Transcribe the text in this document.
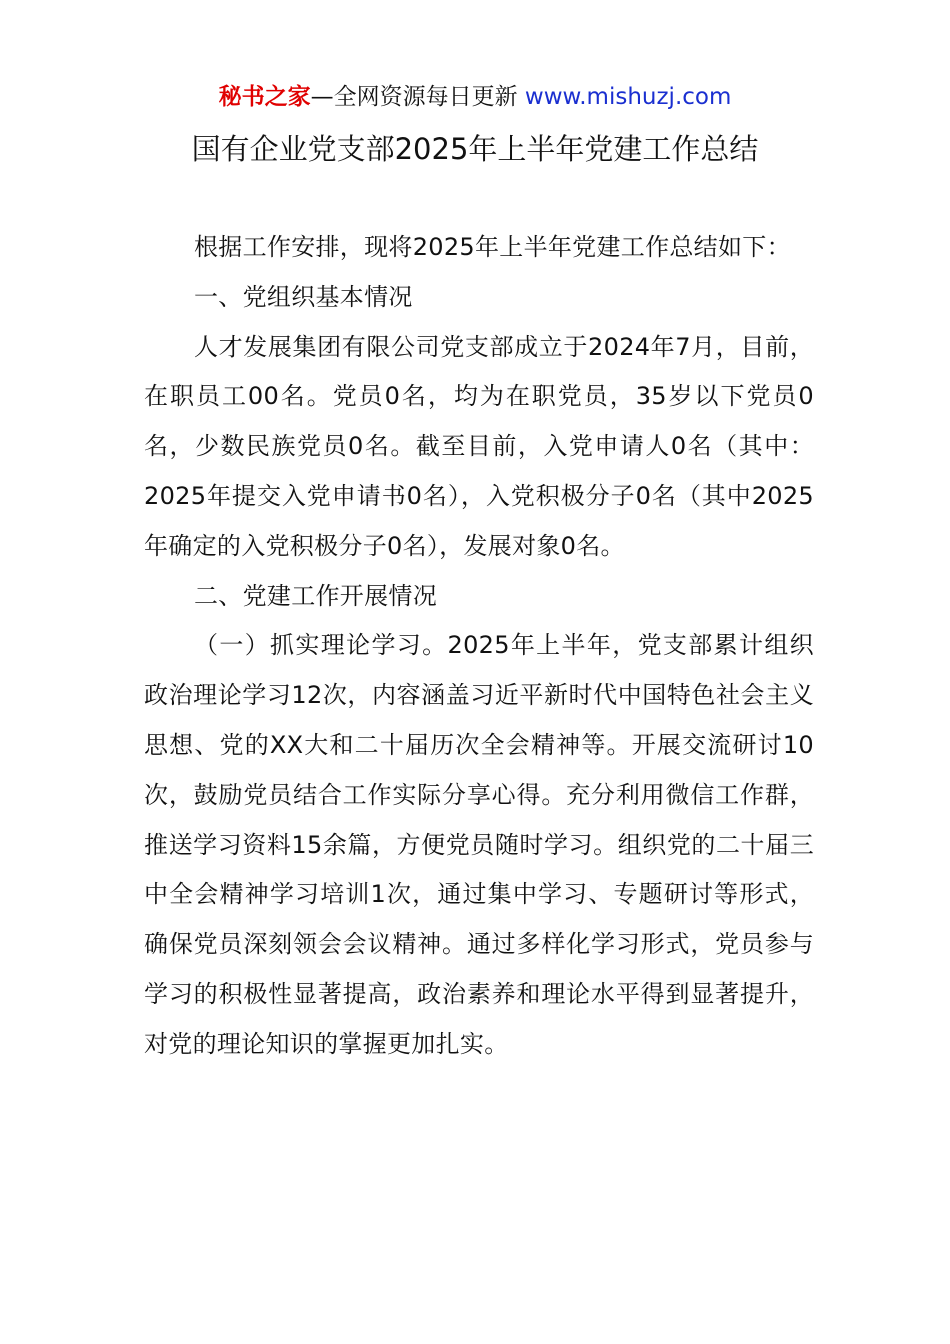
秘书之家—全网资源每日更新 www.mishuzj.com
国有企业党支部2025年上半年党建工作总结

根据工作安排，现将2025年上半年党建工作总结如下：

一、党组织基本情况

人才发展集团有限公司党支部成立于2024年7月，目前，在职员工00名。党员0名，均为在职党员，35岁以下党员0名，少数民族党员0名。截至目前，入党申请人0名（其中：2025年提交入党申请书0名），入党积极分子0名（其中2025年确定的入党积极分子0名），发展对象0名。

二、党建工作开展情况

（一）抓实理论学习。2025年上半年，党支部累计组织政治理论学习12次，内容涵盖习近平新时代中国特色社会主义思想、党的XX大和二十届历次全会精神等。开展交流研讨10次，鼓励党员结合工作实际分享心得。充分利用微信工作群，推送学习资料15余篇，方便党员随时学习。组织党的二十届三中全会精神学习培训1次，通过集中学习、专题研讨等形式，确保党员深刻领会会议精神。通过多样化学习形式，党员参与学习的积极性显著提高，政治素养和理论水平得到显著提升，对党的理论知识的掌握更加扎实。
